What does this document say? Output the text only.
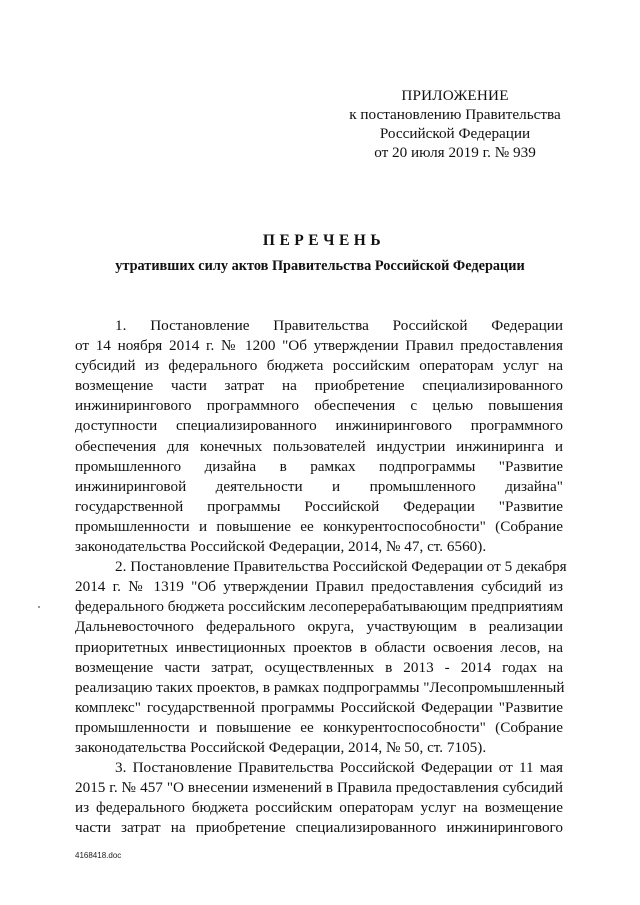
ПРИЛОЖЕНИЕ
к постановлению Правительства
Российской Федерации
от 20 июля 2019 г. № 939
ПЕРЕЧЕНЬ
утративших силу актов Правительства Российской Федерации
1. Постановление Правительства Российской Федерации
от 14 ноября 2014 г. № 1200 "Об утверждении Правил предоставления
субсидий из федерального бюджета российским операторам услуг на
возмещение части затрат на приобретение специализированного
инжинирингового программного обеспечения с целью повышения
доступности специализированного инжинирингового программного
обеспечения для конечных пользователей индустрии инжиниринга и
промышленного дизайна в рамках подпрограммы "Развитие
инжиниринговой деятельности и промышленного дизайна"
государственной программы Российской Федерации "Развитие
промышленности и повышение ее конкурентоспособности" (Собрание
законодательства Российской Федерации, 2014, № 47, ст. 6560).
2. Постановление Правительства Российской Федерации от 5 декабря
2014 г. № 1319 "Об утверждении Правил предоставления субсидий из
федерального бюджета российским лесоперерабатывающим предприятиям
Дальневосточного федерального округа, участвующим в реализации
приоритетных инвестиционных проектов в области освоения лесов, на
возмещение части затрат, осуществленных в 2013 - 2014 годах на
реализацию таких проектов, в рамках подпрограммы "Лесопромышленный
комплекс" государственной программы Российской Федерации "Развитие
промышленности и повышение ее конкурентоспособности" (Собрание
законодательства Российской Федерации, 2014, № 50, ст. 7105).
3. Постановление Правительства Российской Федерации от 11 мая
2015 г. № 457 "О внесении изменений в Правила предоставления субсидий
из федерального бюджета российским операторам услуг на возмещение
части затрат на приобретение специализированного инжинирингового
4168418.doc
